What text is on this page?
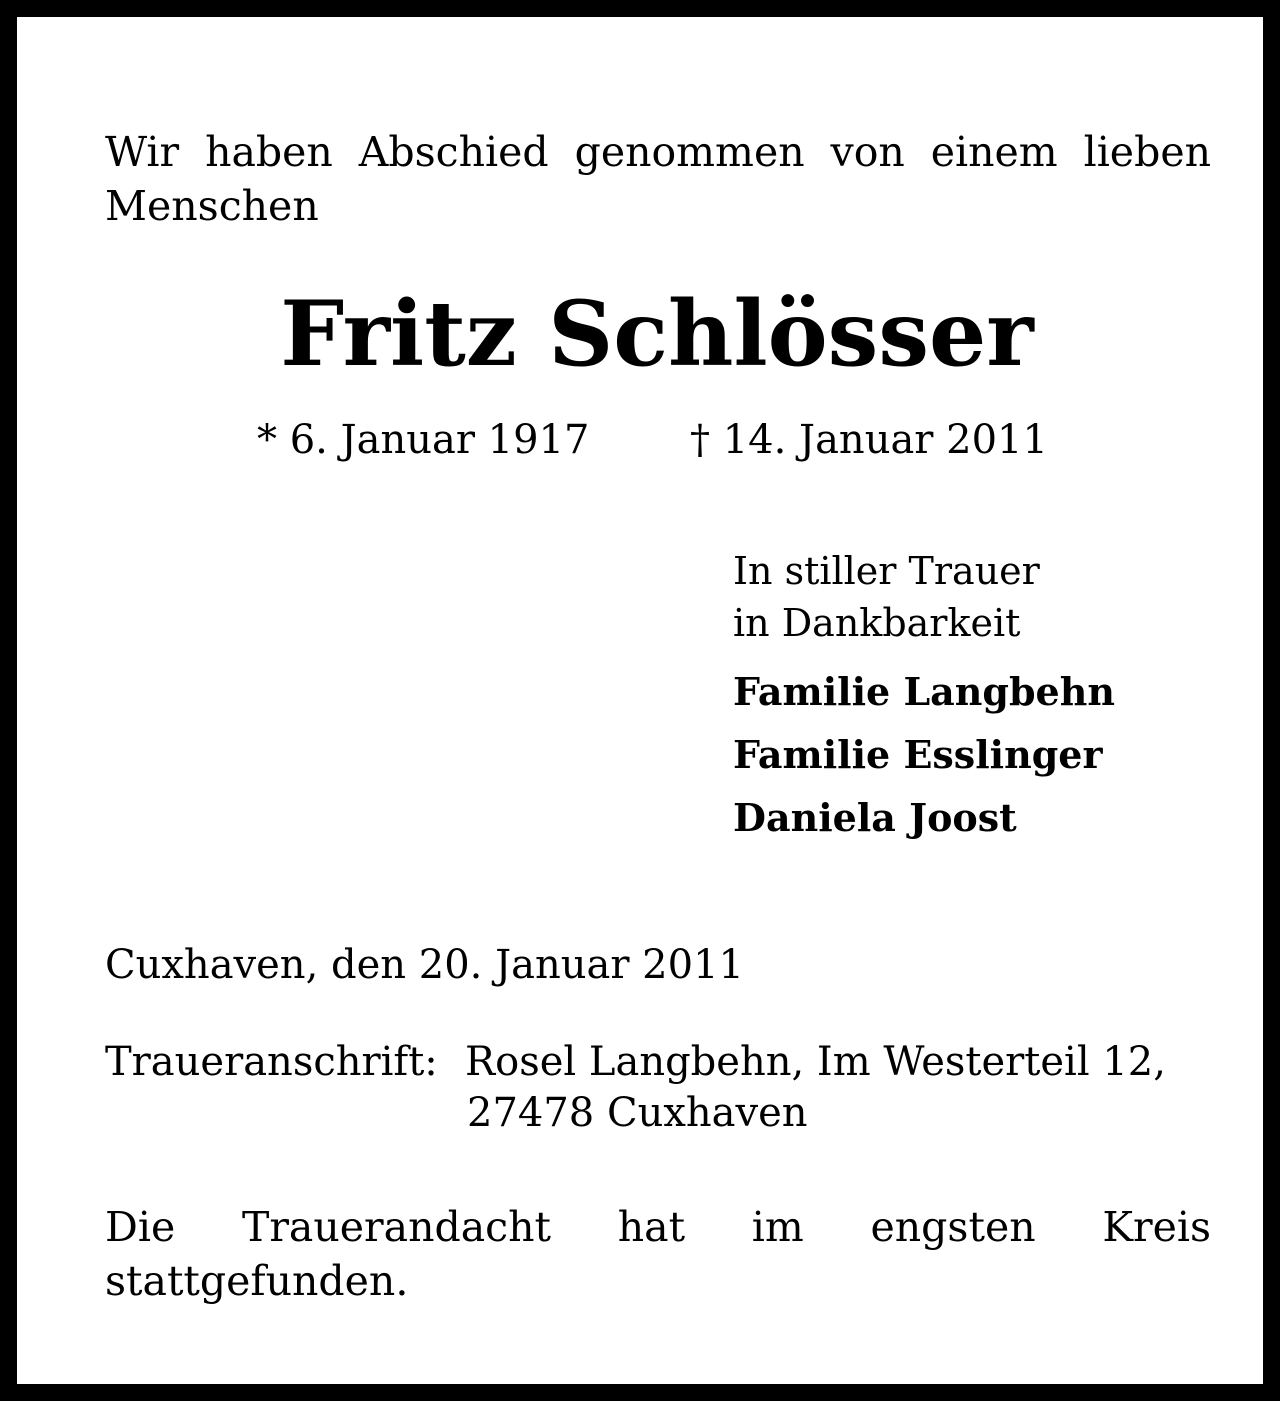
Wir haben Abschied genommen von einem lieben Menschen

Fritz Schlösser
* 6. Januar 1917	† 14. Januar 2011
In stiller Trauer
in Dankbarkeit
Familie Langbehn
Familie Esslinger
Daniela Joost
Cuxhaven, den 20. Januar 2011
Traueranschrift: Rosel Langbehn, Im Westerteil 12,
27478 Cuxhaven

Die Trauerandacht hat im engsten Kreis stattgefunden.
